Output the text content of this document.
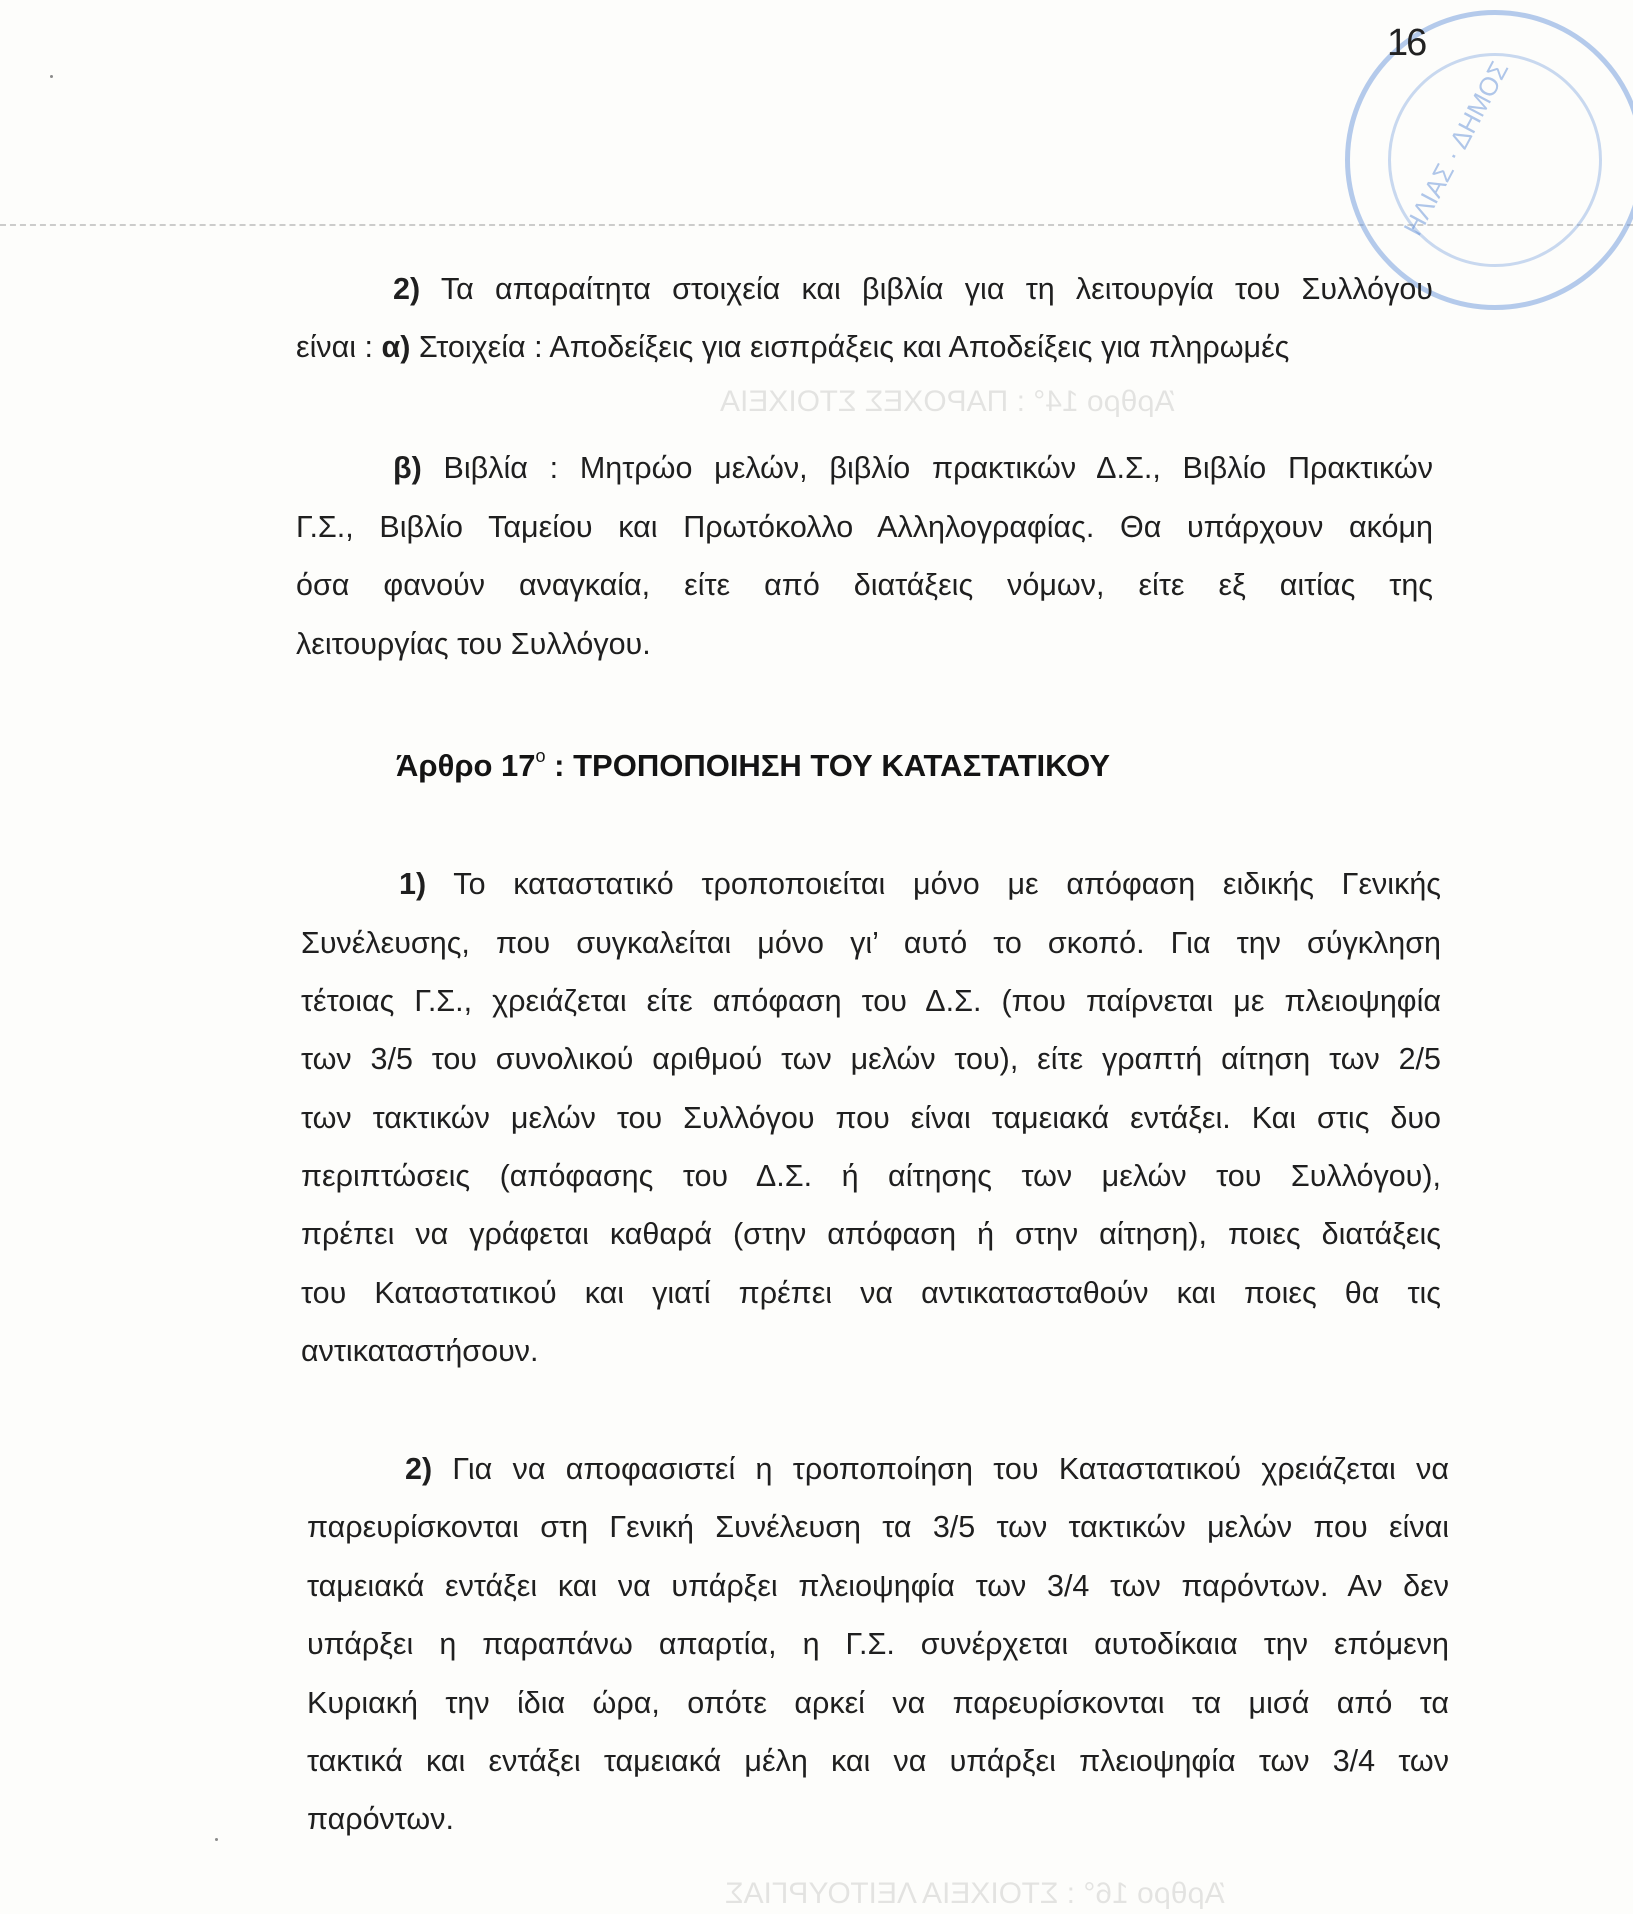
ΗΛΙΑΣ · ΔΗΜΟΣ
16
Άρθρο 14° : ΠΑΡΟΧΕΣ ΣΤΟΙΧΕΙΑ
Άρθρο 16° : ΣΤΟΙΧΕΙΑ ΛΕΙΤΟΥΡΓΙΑΣ
2) Τα απαραίτητα στοιχεία και βιβλία για τη λειτουργία του Συλλόγου
είναι : α) Στοιχεία : Αποδείξεις για εισπράξεις και Αποδείξεις για πληρωμές
β) Βιβλία : Μητρώο μελών, βιβλίο πρακτικών Δ.Σ., Βιβλίο Πρακτικών
Γ.Σ., Βιβλίο Ταμείου και Πρωτόκολλο Αλληλογραφίας. Θα υπάρχουν ακόμη
όσα φανούν αναγκαία, είτε από διατάξεις νόμων, είτε εξ αιτίας της
λειτουργίας του Συλλόγου.
Άρθρο $17^o$ : ΤΡΟΠΟΠΟΙΗΣΗ ΤΟΥ ΚΑΤΑΣΤΑΤΙΚΟΥ
1) Το καταστατικό τροποποιείται μόνο με απόφαση ειδικής Γενικής
Συνέλευσης, που συγκαλείται μόνο γι’ αυτό το σκοπό. Για την σύγκληση
τέτοιας Γ.Σ., χρειάζεται είτε απόφαση του Δ.Σ. (που παίρνεται με πλειοψηφία
των 3/5 του συνολικού αριθμού των μελών του), είτε γραπτή αίτηση των 2/5
των τακτικών μελών του Συλλόγου που είναι ταμειακά εντάξει. Και στις δυο
περιπτώσεις (απόφασης του Δ.Σ. ή αίτησης των μελών του Συλλόγου),
πρέπει να γράφεται καθαρά (στην απόφαση ή στην αίτηση), ποιες διατάξεις
του Καταστατικού και γιατί πρέπει να αντικατασταθούν και ποιες θα τις
αντικαταστήσουν.
2) Για να αποφασιστεί η τροποποίηση του Καταστατικού χρειάζεται να
παρευρίσκονται στη Γενική Συνέλευση τα 3/5 των τακτικών μελών που είναι
ταμειακά εντάξει και να υπάρξει πλειοψηφία των 3/4 των παρόντων. Αν δεν
υπάρξει η παραπάνω απαρτία, η Γ.Σ. συνέρχεται αυτοδίκαια την επόμενη
Κυριακή την ίδια ώρα, οπότε αρκεί να παρευρίσκονται τα μισά από τα
τακτικά και εντάξει ταμειακά μέλη και να υπάρξει πλειοψηφία των 3/4 των
παρόντων.
